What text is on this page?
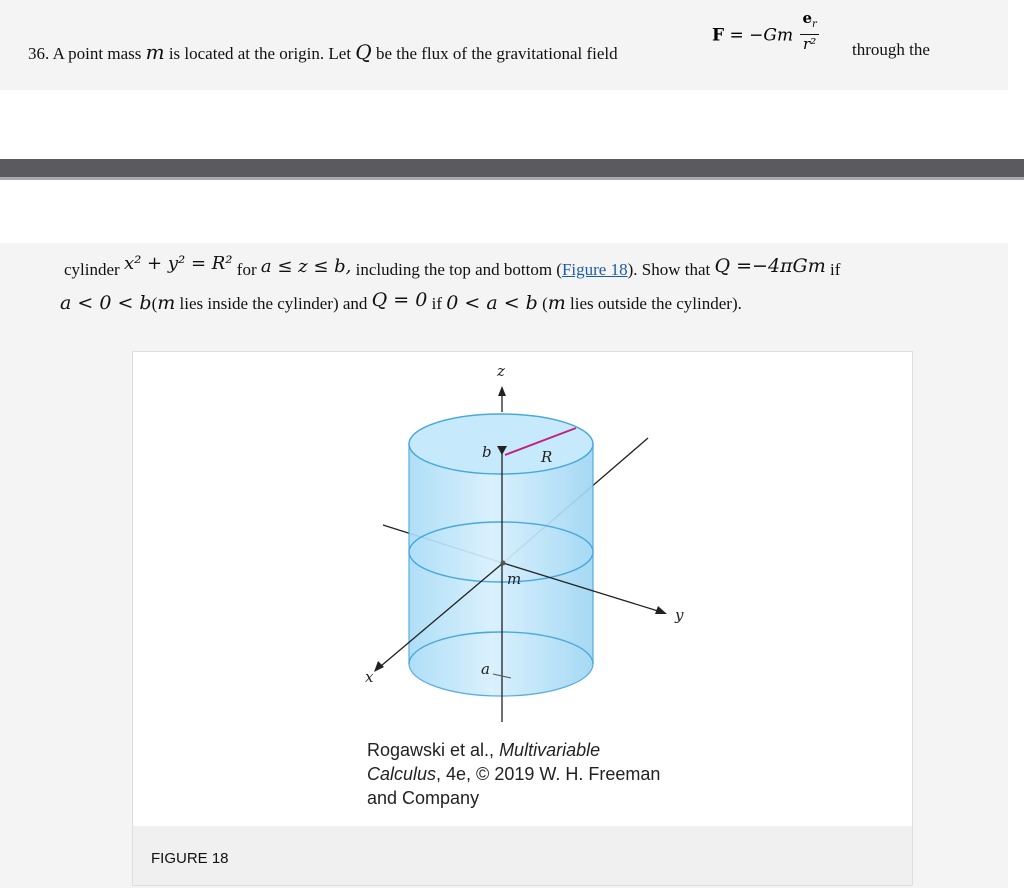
36. A point mass m is located at the origin. Let Q be the flux of the gravitational field
$F = -Gm \frac{e_r}{\text{r²}}$ through the
cylinder x² + y² = R² for a ≤ z ≤ b, including the top and bottom (Figure 18). Show that Q =−4πGm if
a < 0 < b(m lies inside the cylinder) and Q = 0 if 0 < a < b (m lies outside the cylinder).
z
y
x
b	R
m
a
Rogawski et al., Multivariable
Calculus, 4e, © 2019 W. H. Freeman
and Company
FIGURE 18
